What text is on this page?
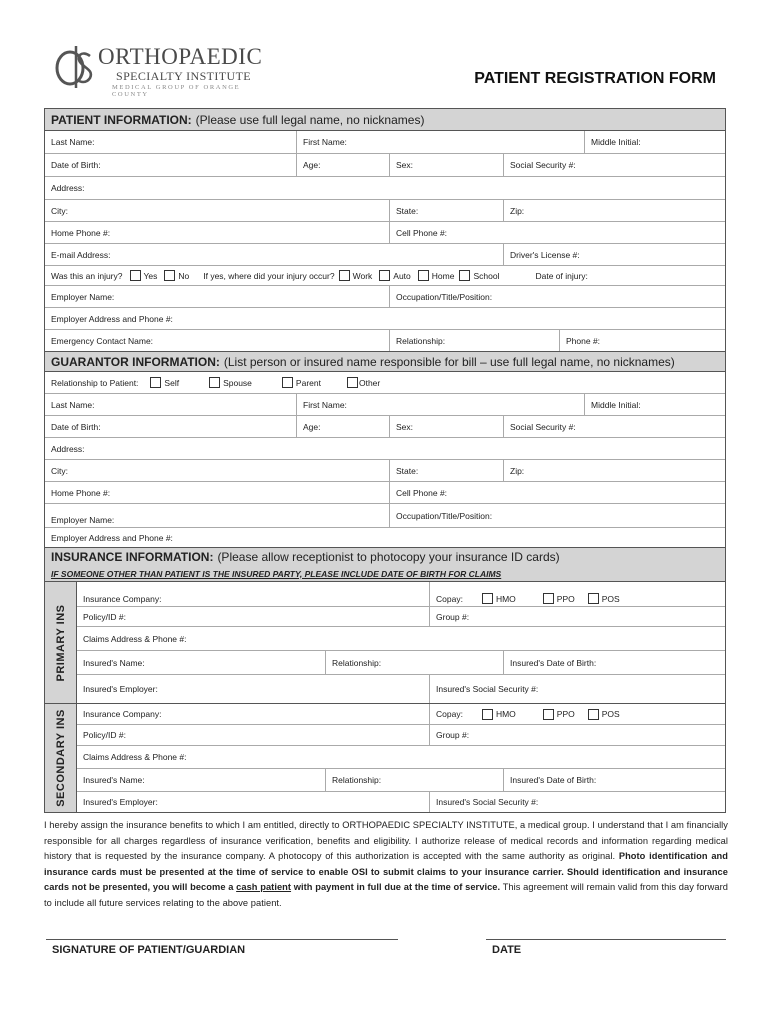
ORTHOPAEDIC
SPECIALTY INSTITUTE
MEDICAL GROUP OF ORANGE COUNTY
PATIENT REGISTRATION FORM
PATIENT INFORMATION: (Please use full legal name, no nicknames)
Last Name:	First Name:	Middle Initial:
Date of Birth:	Age:	Sex:	Social Security #:
Address:
City:	State:	Zip:
Home Phone #:	Cell Phone #:
E-mail Address:	Driver's License #:
Was this an injury? Yes No If yes, where did your injury occur? Work Auto Home School	Date of injury:
Employer Name:	Occupation/Title/Position:
Employer Address and Phone #:
Emergency Contact Name:	Relationship:	Phone #:
GUARANTOR INFORMATION: (List person or insured name responsible for bill – use full legal name, no nicknames)
Relationship to Patient:	Self	Spouse	Parent	Other
Last Name:	First Name:	Middle Initial:
Date of Birth:	Age:	Sex:	Social Security #:
Address:
City:	State:	Zip:
Home Phone #:	Cell Phone #:
Employer Name:	Occupation/Title/Position:
Employer Address and Phone #:
INSURANCE INFORMATION: (Please allow receptionist to photocopy your insurance ID cards)
IF SOMEONE OTHER THAN PATIENT IS THE INSURED PARTY, PLEASE INCLUDE DATE OF BIRTH FOR CLAIMS
PRIMARY INS
Insurance Company:	Copay:	HMO	PPO	POS
Policy/ID #:	Group #:
Claims Address & Phone #:
Insured's Name:	Relationship:	Insured's Date of Birth:
Insured's Employer:	Insured's Social Security #:
SECONDARY INS Insurance Company:	Copay:	HMO	PPO	POS
Policy/ID #:	Group #:
Claims Address & Phone #:
Insured's Name:	Relationship:	Insured's Date of Birth:
Insured's Employer:	Insured's Social Security #:
I hereby assign the insurance benefits to which I am entitled, directly to ORTHOPAEDIC SPECIALTY INSTITUTE, a medical group. I understand that I am financially responsible for all charges regardless of insurance verification, benefits and eligibility. I authorize release of medical records and information regarding medical history that is requested by the insurance company. A photocopy of this authorization is accepted with the same authority as original. Photo identification and insurance cards must be presented at the time of service to enable OSI to submit claims to your insurance carrier. Should identification and insurance cards not be presented, you will become a cash patient with payment in full due at the time of service. This agreement will remain valid from this day forward to include all future services relating to the above patient.
SIGNATURE OF PATIENT/GUARDIAN	DATE
